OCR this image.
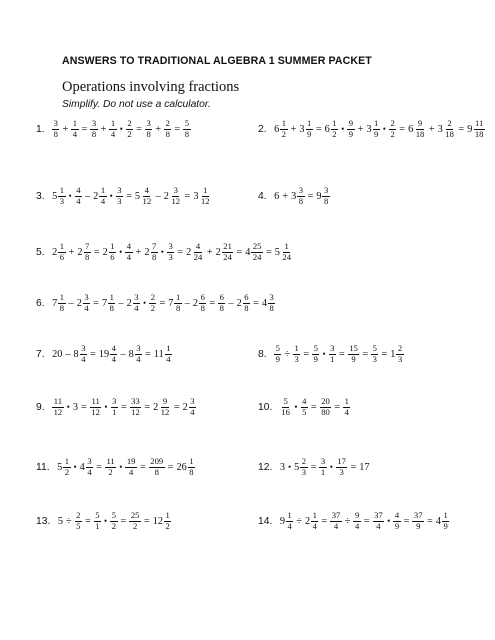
ANSWERS TO TRADITIONAL ALGEBRA 1 SUMMER PACKET
Operations involving fractions
Simplify. Do not use a calculator.
1. $\frac{3}{8} + \frac{1}{4} = \frac{3}{8} + \frac{1}{4}$ • $\frac{2}{2} = \frac{3}{8} + \frac{2}{8} = \frac{5}{8}$	2. $6 \frac{1}{2} + 3 \frac{1}{9} = 6 \frac{1}{2}$ • $\frac{9}{9} + 3 \frac{1}{9}$ • $\frac{2}{2} = 6 \frac{9}{18} + 3 \frac{2}{18} = 9 \frac{11}{18}$
3. $5 \frac{1}{3}$ • $\frac{4}{4} - 2 \frac{1}{4}$ • $\frac{3}{3} = 5 \frac{4}{12} - 2 \frac{3}{12} = 3 \frac{1}{12}$	4. $6 + 3 \frac{3}{8} = 9 \frac{3}{8}$
5. $2 \frac{1}{6} + 2 \frac{7}{8} = 2 \frac{1}{6}$ • $\frac{4}{4} + 2 \frac{7}{8}$ • $\frac{3}{3} = 2 \frac{4}{24} + 2 \frac{21}{24} = 4 \frac{25}{24} = 5 \frac{1}{24}$
6. $7 \frac{1}{8} - 2 \frac{3}{4} = 7 \frac{1}{8} - 2 \frac{3}{4}$ • $\frac{2}{2} = 7 \frac{1}{8} - 2 \frac{6}{8} = \frac{6}{8} - 2 \frac{6}{8} = 4 \frac{3}{8}$
7. $20 - 8 \frac{3}{4} = 19 \frac{4}{4} - 8 \frac{3}{4} = 11 \frac{1}{4}$	8. $\frac{5}{9} \div \frac{1}{3} = \frac{5}{9}$ • $\frac{3}{1} = \frac{15}{9} = \frac{5}{3} = 1 \frac{2}{3}$
9. $\frac{11}{12}$ • $3 = \frac{11}{12}$ • $\frac{3}{1} = \frac{33}{12} = 2 \frac{9}{12} = 2 \frac{3}{4}$	10. $\frac{5}{16}$ • $\frac{4}{5} = \frac{20}{80} = \frac{1}{4}$
11. $5 \frac{1}{2}$ • $4 \frac{3}{4} = \frac{11}{2}$ • $\frac{19}{4} = \frac{209}{8} = 26 \frac{1}{8}$	12. 3 • $5 \frac{2}{3} = \frac{3}{1}$ • $\frac{17}{3} = 17$
13. $5 \div \frac{2}{5} = \frac{5}{1}$ • $\frac{5}{2} = \frac{25}{2} = 12 \frac{1}{2}$	14. $9 \frac{1}{4} \div 2 \frac{1}{4} = \frac{37}{4} \div \frac{9}{4} = \frac{37}{4}$ • $\frac{4}{9} = \frac{37}{9} = 4 \frac{1}{9}$
